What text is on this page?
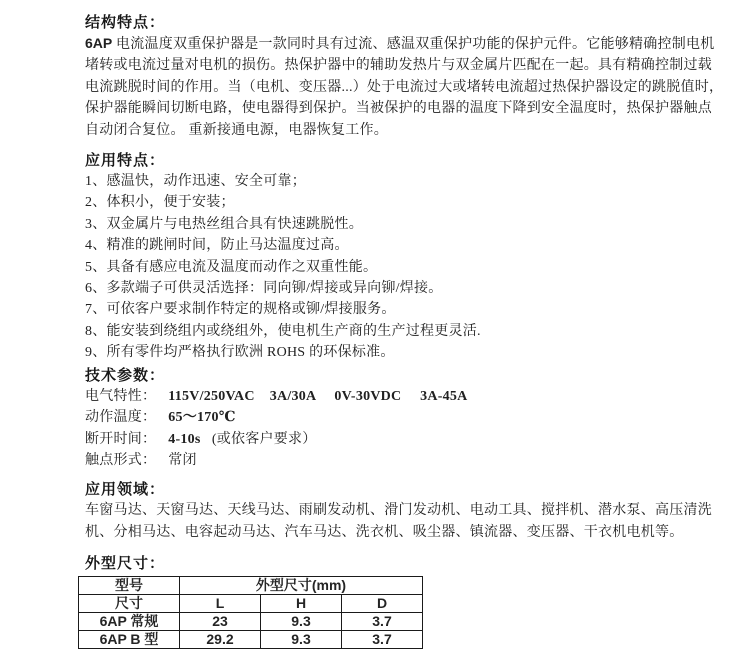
结构特点：
6AP 电流温度双重保护器是一款同时具有过流、感温双重保护功能的保护元件。它能够精确控制电机
堵转或电流过量对电机的损伤。热保护器中的辅助发热片与双金属片匹配在一起。具有精确控制过载
电流跳脱时间的作用。当（电机、变压器...）处于电流过大或堵转电流超过热保护器设定的跳脱值时，
保护器能瞬间切断电路，使电器得到保护。当被保护的电器的温度下降到安全温度时，热保护器触点
自动闭合复位。 重新接通电源，电器恢复工作。
应用特点：
1、感温快，动作迅速、安全可靠；
2、体积小，便于安装；
3、双金属片与电热丝组合具有快速跳脱性。
4、精准的跳闸时间，防止马达温度过高。
5、具备有感应电流及温度而动作之双重性能。
6、多款端子可供灵活选择：同向铆/焊接或异向铆/焊接。
7、可依客户要求制作特定的规格或铆/焊接服务。
8、能安装到绕组内或绕组外，使电机生产商的生产过程更灵活.
9、所有零件均严格执行欧洲 ROHS 的环保标准。
技术参数：
电气特性： 115V/250VAC    3A/30A     0V-30VDC     3A-45A
动作温度： 65～170℃
断开时间： 4-10s   (或依客户要求）
触点形式： 常闭
应用领域：
车窗马达、天窗马达、天线马达、雨刷发动机、滑门发动机、电动工具、搅拌机、潜水泵、高压清洗
机、分相马达、电容起动马达、汽车马达、洗衣机、吸尘器、镇流器、变压器、干衣机电机等。
外型尺寸：
型号	外型尺寸(mm)		
尺寸	L	H	D
6AP 常规	23	9.3	3.7
6AP B 型	29.2	9.3	3.7
